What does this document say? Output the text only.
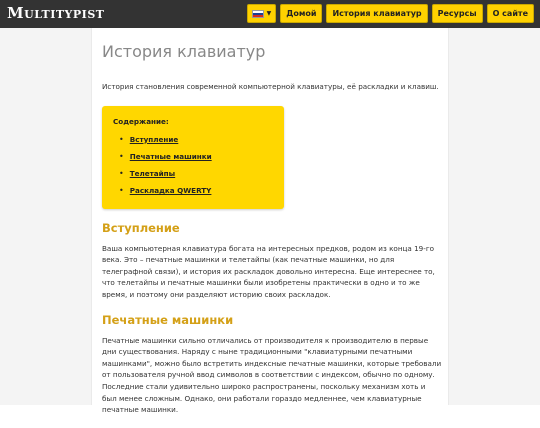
Multitypist	▼	Домой	История клавиатур	Ресурсы	О сайте
История клавиатур

История становления современной компьютерной клавиатуры, её раскладки и клавиш.

Содержание:
• Вступление
• Печатные машинки
• Телетайпы
• Раскладка QWERTY
Вступление

Ваша компьютерная клавиатура богата на интересных предков, родом из конца 19-го века. Это – печатные машинки и телетайпы (как печатные машинки, но для телеграфной связи), и история их раскладок довольно интересна. Еще интереснее то, что телетайпы и печатные машинки были изобретены практически в одно и то же время, и поэтому они разделяют историю своих раскладок.

Печатные машинки

Печатные машинки сильно отличались от производителя к производителю в первые дни существования. Наряду с ныне традиционными "клавиатурными печатными машинками", можно было встретить индексные печатные машинки, которые требовали от пользователя ручной ввод символов в соответствии с индексом, обычно по одному. Последние стали удивительно широко распространены, поскольку механизм хоть и был менее сложным. Однако, они работали гораздо медленнее, чем клавиатурные печатные машинки.
